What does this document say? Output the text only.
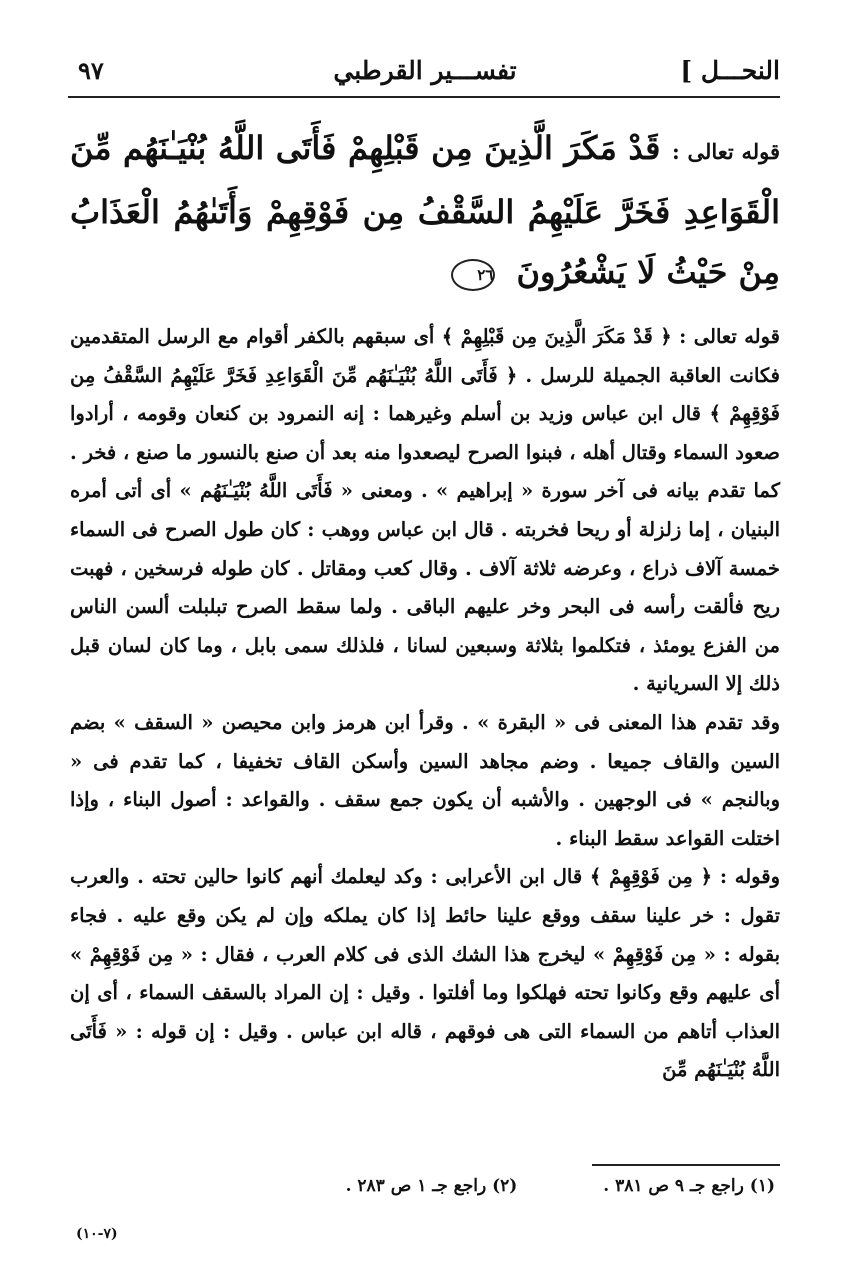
النحـــل ]
تفســـير القرطبي
٩٧
قوله تعالى : قَدْ مَكَرَ الَّذِينَ مِن قَبْلِهِمْ فَأَتَى اللَّهُ بُنْيَـٰنَهُم مِّنَ الْقَوَاعِدِ فَخَرَّ عَلَيْهِمُ السَّقْفُ مِن فَوْقِهِمْ وَأَتَىٰهُمُ الْعَذَابُ مِنْ حَيْثُ لَا يَشْعُرُونَ ٢٦

قوله تعالى : ﴿ قَدْ مَكَرَ الَّذِينَ مِن قَبْلِهِمْ ﴾ أى سبقهم بالكفر أقوام مع الرسل المتقدمين فكانت العاقبة الجميلة للرسل . ﴿ فَأَتَى اللَّهُ بُنْيَـٰنَهُم مِّنَ الْقَوَاعِدِ فَخَرَّ عَلَيْهِمُ السَّقْفُ مِن فَوْقِهِمْ ﴾ قال ابن عباس وزيد بن أسلم وغيرهما : إنه النمرود بن كنعان وقومه ، أرادوا صعود السماء وقتال أهله ، فبنوا الصرح ليصعدوا منه بعد أن صنع بالنسور ما صنع ، فخر . كما تقدم بيانه فى آخر سورة « إبراهيم » . ومعنى « فَأَتَى اللَّهُ بُنْيَـٰنَهُم » أى أتى أمره البنيان ، إما زلزلة أو ريحا فخربته . قال ابن عباس ووهب : كان طول الصرح فى السماء خمسة آلاف ذراع ، وعرضه ثلاثة آلاف . وقال كعب ومقاتل . كان طوله فرسخين ، فهبت ريح فألقت رأسه فى البحر وخر عليهم الباقى . ولما سقط الصرح تبلبلت ألسن الناس من الفزع يومئذ ، فتكلموا بثلاثة وسبعين لسانا ، فلذلك سمى بابل ، وما كان لسان قبل ذلك إلا السريانية .

وقد تقدم هذا المعنى فى « البقرة » . وقرأ ابن هرمز وابن محيصن « السقف » بضم السين والقاف جميعا . وضم مجاهد السين وأسكن القاف تخفيفا ، كما تقدم فى « وبالنجم » فى الوجهين . والأشبه أن يكون جمع سقف . والقواعد : أصول البناء ، وإذا اختلت القواعد سقط البناء .

وقوله : ﴿ مِن فَوْقِهِمْ ﴾ قال ابن الأعرابى : وكد ليعلمك أنهم كانوا حالين تحته . والعرب تقول : خر علينا سقف ووقع علينا حائط إذا كان يملكه وإن لم يكن وقع عليه . فجاء بقوله : « مِن فَوْقِهِمْ » ليخرج هذا الشك الذى فى كلام العرب ، فقال : « مِن فَوْقِهِمْ » أى عليهم وقع وكانوا تحته فهلكوا وما أفلتوا . وقيل : إن المراد بالسقف السماء ، أى إن العذاب أتاهم من السماء التى هى فوقهم ، قاله ابن عباس . وقيل : إن قوله : « فَأَتَى اللَّهُ بُنْيَـٰنَهُم مِّنَ

(١) راجع جـ ٩ ص ٣٨١ . (٢) راجع جـ ١ ص ٢٨٣ .
(٧-١٠)
